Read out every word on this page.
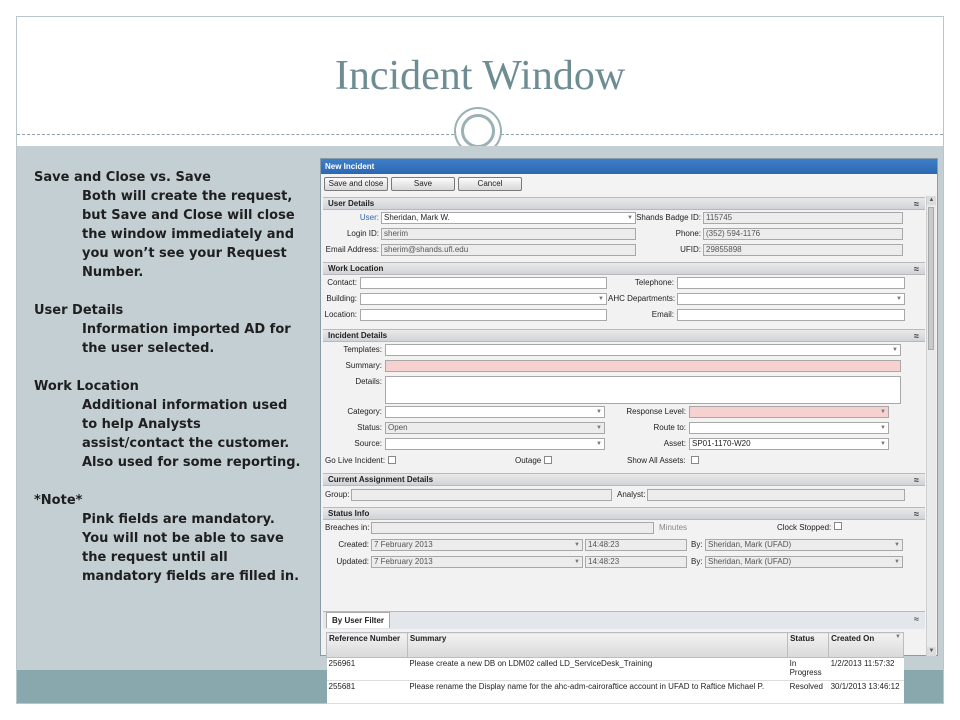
Incident Window

Save and Close vs. Save

Both will create the request, but Save and Close will close the window immediately and you won’t see your Request Number.

User Details

Information imported AD for the user selected.

Work Location

Additional information used to help Analysts assist/contact the customer. Also used for some reporting.

*Note*

Pink fields are mandatory. You will not be able to save the request until all mandatory fields are filled in.

New Incident
Save and close	Save	Cancel
User Details	≈
User: Sheridan, Mark W.	▼ Shands Badge ID: 115745
Login ID: sherim	Phone: (352) 594-1176
Email Address: sherim@shands.ufl.edu	UFID: 29855898
Work Location	≈
Contact:	Telephone:
Building:	▼ AHC Departments:	▼
Location:	Email:
Incident Details	≈
Templates:	▼
Summary:
Details:
Category:	▼	Response Level:	▼
Status: Open	▼	Route to:	▼
Source:	▼	Asset: SP01-1170-W20	▼
Go Live Incident:	Outage	Show All Assets:
Current Assignment Details	≈
Group:	Analyst:
Status Info	≈
Breaches in:	Minutes	Clock Stopped:
Created: 7 February 2013	▼	14:48:23	By: Sheridan, Mark (UFAD)	▼
Updated: 7 February 2013	▼	14:48:23	By: Sheridan, Mark (UFAD)	▼
≈
By User Filter
Reference Number	Summary	Status	Created On ▼

256961	Please create a new DB on LDM02 called LD_ServiceDesk_Training	In Progress	1/2/2013 11:57:32
255681	Please rename the Display name for the ahc-adm-cairoraftice account in UFAD to Raftice Michael P.	Resolved	30/1/2013 13:46:12
▲
▼
